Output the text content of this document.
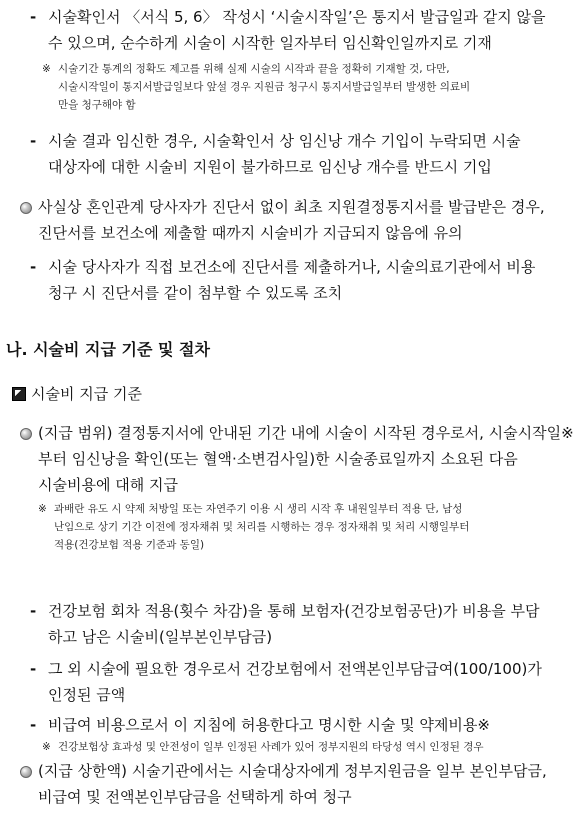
- 시술확인서 〈서식 5, 6〉 작성시 ‘시술시작일’은 통지서 발급일과 같지 않을
수 있으며, 순수하게 시술이 시작한 일자부터 임신확인일까지로 기재
※ 시술기간 통계의 정확도 제고를 위해 실제 시술의 시작과 끝을 정확히 기재할 것, 다만,
시술시작일이 통지서발급일보다 앞설 경우 지원금 청구시 통지서발급일부터 발생한 의료비
만을 청구해야 함
- 시술 결과 임신한 경우, 시술확인서 상 임신낭 개수 기입이 누락되면 시술
대상자에 대한 시술비 지원이 불가하므로 임신낭 개수를 반드시 기입
사실상 혼인관계 당사자가 진단서 없이 최초 지원결정통지서를 발급받은 경우,
진단서를 보건소에 제출할 때까지 시술비가 지급되지 않음에 유의
- 시술 당사자가 직접 보건소에 진단서를 제출하거나, 시술의료기관에서 비용
청구 시 진단서를 같이 첨부할 수 있도록 조치
나. 시술비 지급 기준 및 절차
시술비 지급 기준
(지급 범위) 결정통지서에 안내된 기간 내에 시술이 시작된 경우로서, 시술시작일※
부터 임신낭을 확인(또는 혈액·소변검사일)한 시술종료일까지 소요된 다음
시술비용에 대해 지급
※ 과배란 유도 시 약제 처방일 또는 자연주기 이용 시 생리 시작 후 내원일부터 적용 단, 남성
난임으로 상기 기간 이전에 정자채취 및 처리를 시행하는 경우 정자채취 및 처리 시행일부터
적용(건강보험 적용 기준과 동일)
- 건강보험 회차 적용(횟수 차감)을 통해 보험자(건강보험공단)가 비용을 부담
하고 남은 시술비(일부본인부담금)
- 그 외 시술에 필요한 경우로서 건강보험에서 전액본인부담급여(100/100)가
인정된 금액
- 비급여 비용으로서 이 지침에 허용한다고 명시한 시술 및 약제비용※
※ 건강보험상 효과성 및 안전성이 일부 인정된 사례가 있어 정부지원의 타당성 역시 인정된 경우
(지급 상한액) 시술기관에서는 시술대상자에게 정부지원금을 일부 본인부담금,
비급여 및 전액본인부담금을 선택하게 하여 청구
